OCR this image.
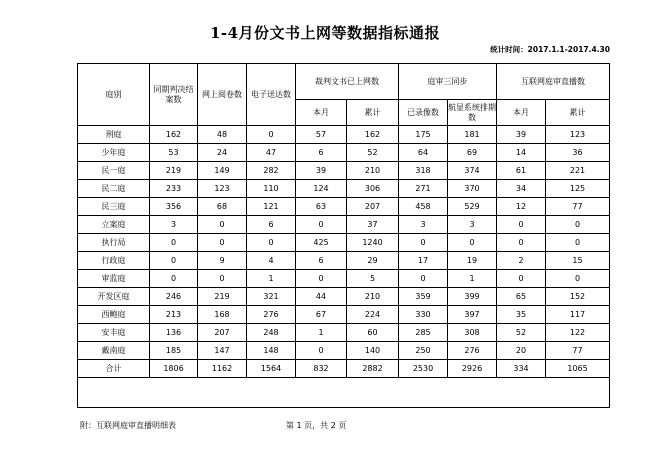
1-4月份文书上网等数据指标通报
统计时间：2017.1.1-2017.4.30
庭别	同期判决结案数	网上阅卷数	电子送达数	裁判文书已上网数		庭审三同步		互联网庭审直播数	
				本月	累计	已录像数	航显系统排期数	本月	累计
刑庭	162	48	0	57	162	175	181	39	123
少年庭	53	24	47	6	52	64	69	14	36
民一庭	219	149	282	39	210	318	374	61	221
民二庭	233	123	110	124	306	271	370	34	125
民三庭	356	68	121	63	207	458	529	12	77
立案庭	3	0	6	0	37	3	3	0	0
执行局	0	0	0	425	1240	0	0	0	0
行政庭	0	9	4	6	29	17	19	2	15
审监庭	0	0	1	0	5	0	1	0	0
开发区庭	246	219	321	44	210	359	399	65	152
西鲍庭	213	168	276	67	224	330	397	35	117
安丰庭	136	207	248	1	60	285	308	52	122
戴南庭	185	147	148	0	140	250	276	20	77
合计	1806	1162	1564	832	2882	2530	2926	334	1065

附：互联网庭审直播明细表	第 1 页，共 2 页
